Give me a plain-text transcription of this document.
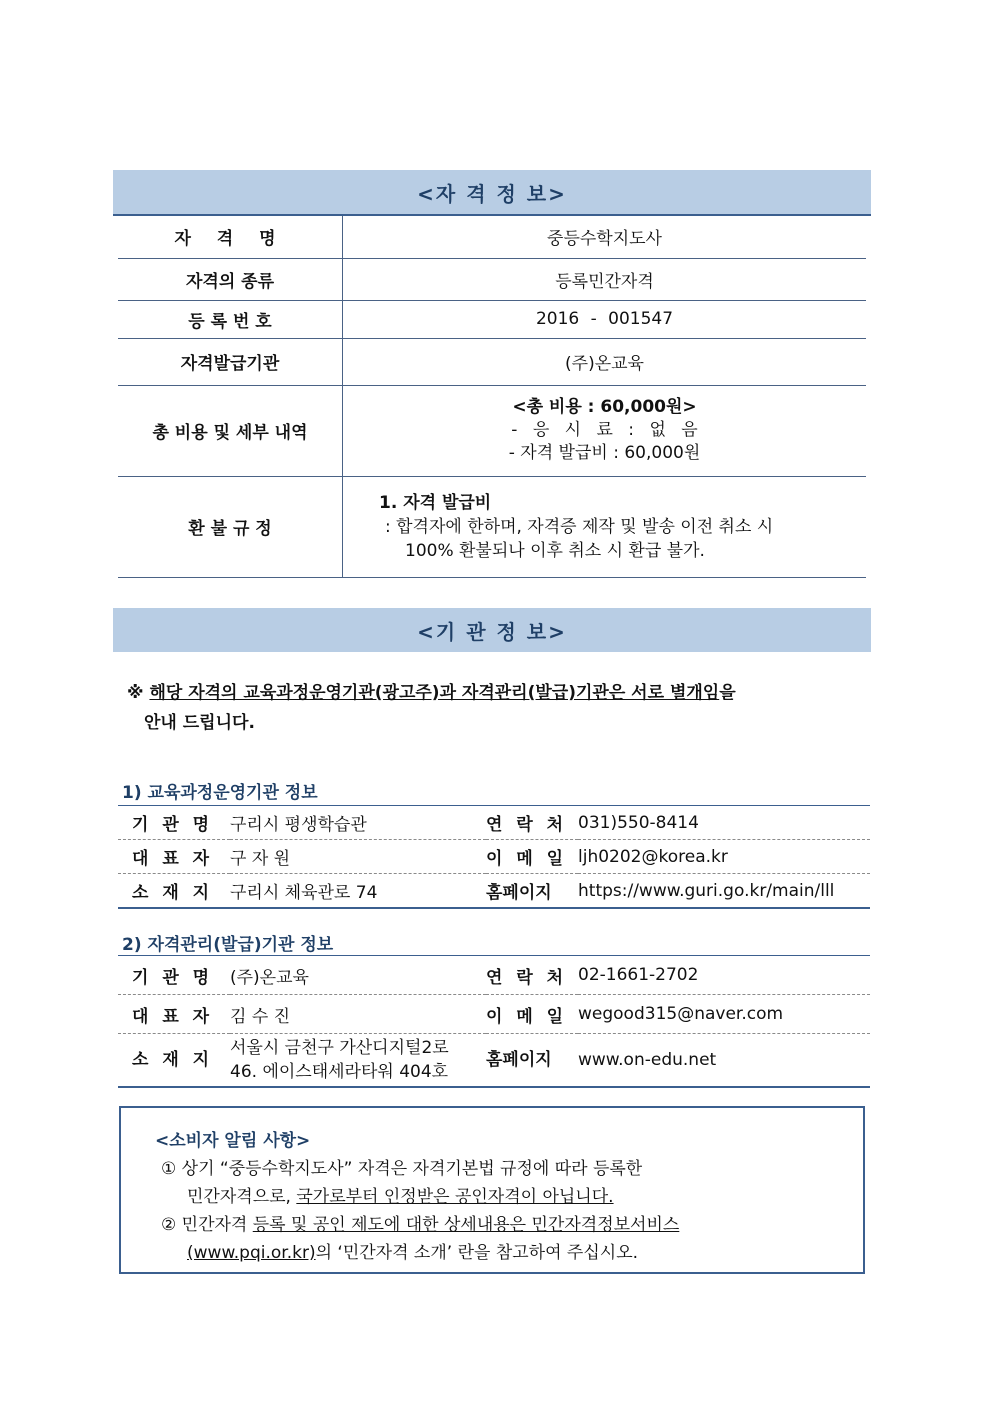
<자 격 정 보>
자 격 명	중등수학지도사
자격의 종류	등록민간자격
등 록 번 호	2016 - 001547
자격발급기관	(주)온교육
총 비용 및 세부 내역	<총 비용 : 60,000원>
- 응 시 료 : 없 음
- 자격 발급비 : 60,000원

환 불 규 정	1. 자격 발급비
: 합격자에 한하며, 자격증 제작 및 발송 이전 취소 시
100% 환불되나 이후 취소 시 환급 불가.
<기 관 정 보>
※ 해당 자격의 교육과정운영기관(광고주)과 자격관리(발급)기관은 서로 별개임을
안내 드립니다.
1) 교육과정운영기관 정보
기 관 명	구리시 평생학습관	연 락 처	031)550-8414
대 표 자	구 자 원	이 메 일	ljh0202@korea.kr
소 재 지	구리시 체육관로 74	홈페이지	https://www.guri.go.kr/main/lll
2) 자격관리(발급)기관 정보
기 관 명	(주)온교육	연 락 처	02-1661-2702
대 표 자	김 수 진	이 메 일	wegood315@naver.com
소 재 지	서울시 금천구 가산디지털2로
46. 에이스태세라타워 404호	홈페이지	www.on-edu.net
<소비자 알림 사항>
① 상기 “중등수학지도사” 자격은 자격기본법 규정에 따라 등록한
민간자격으로, 국가로부터 인정받은 공인자격이 아닙니다.
② 민간자격 등록 및 공인 제도에 대한 상세내용은 민간자격정보서비스
(www.pqi.or.kr)의 ‘민간자격 소개’ 란을 참고하여 주십시오.
